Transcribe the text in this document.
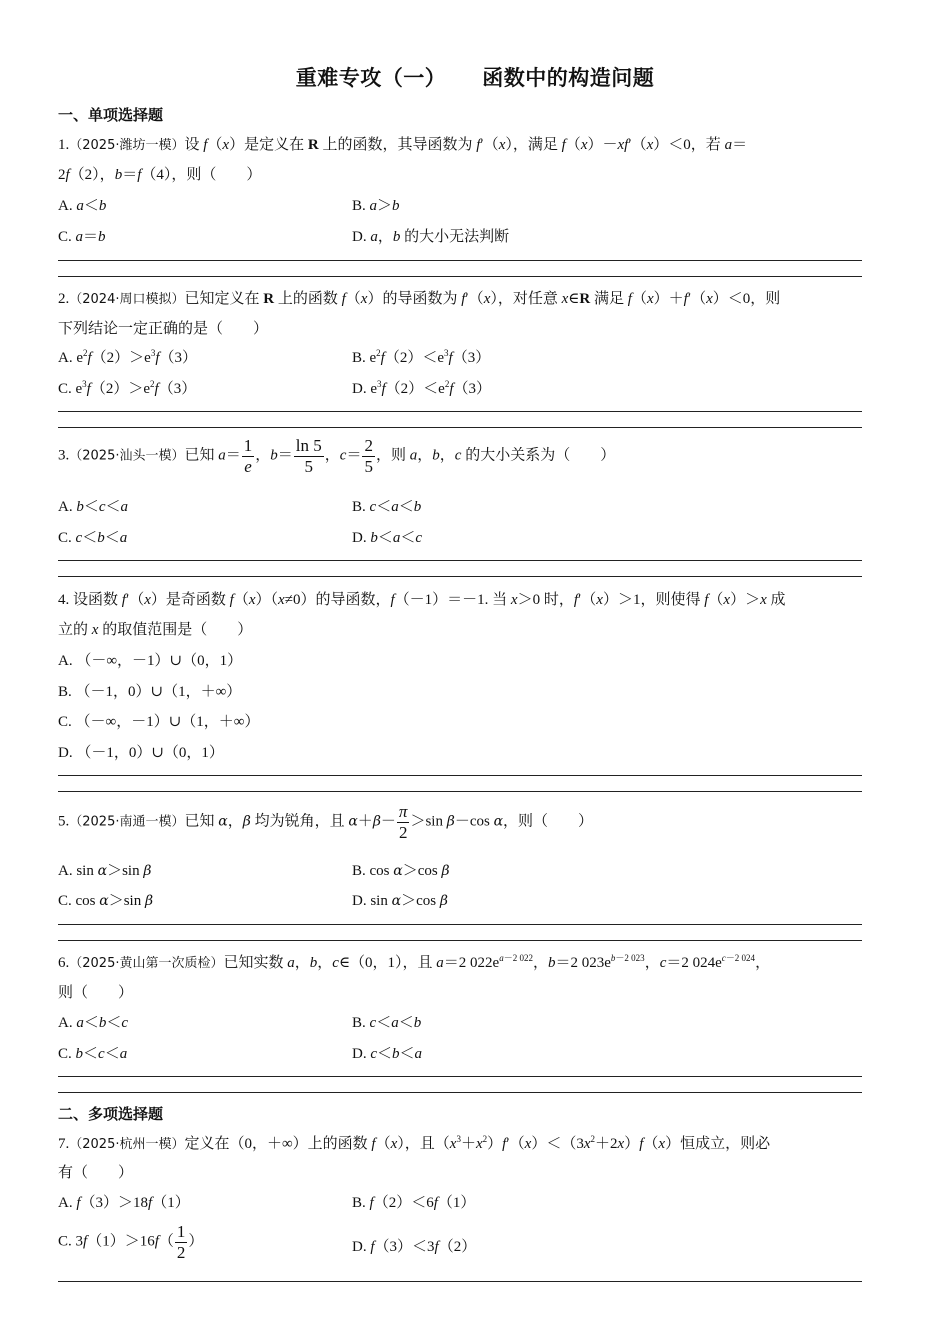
重难专攻（一） 函数中的构造问题
一、单项选择题
1.（2025·潍坊一模）设 f（x）是定义在 R 上的函数，其导函数为 f′（x），满足 f（x）－xf′（x）＜0，若 a＝
2f（2），b＝f（4），则（　　）
A. a＜b	B. a＞b
C. a＝b	D. a，b 的大小无法判断
2.（2024·周口模拟）已知定义在 R 上的函数 f（x）的导函数为 f′（x），对任意 x∈R 满足 f（x）＋f′（x）＜0，则
下列结论一定正确的是（　　）
A. $e^2f(2)>e^3f(3)$	B. $e^2f(2)<e^3f(3)$
C. $e^3f(2)>e^2f(3)$	D. $e^3f(2)<e^2f(3)$
3.（2025·汕头一模）已知 $a= \frac{1}{e}$ ，$b= \frac{\ln 5}{5}$ ，$c= \frac{2}{5}$ ，则 a，b，c 的大小关系为（　　）
A. b＜c＜a	B. c＜a＜b
C. c＜b＜a	D. b＜a＜c
4. 设函数 f′（x）是奇函数 f（x）（x≠0）的导函数，f（－1）＝－1. 当 x＞0 时，f′（x）＞1，则使得 f（x）＞x 成
立的 x 的取值范围是（　　）
A. （－∞，－1）∪（0，1）
B. （－1，0）∪（1，＋∞）
C. （－∞，－1）∪（1，＋∞）
D. （－1，0）∪（0，1）
5.（2025·南通一模）已知 α，β 均为锐角，且 $\alpha+\beta- \frac{\pi}{2} >\sin$ β－cos α，则（　　）
A. sin α＞sin β	B. cos α＞cos β
C. cos α＞sin β	D. sin α＞cos β
6.（2025·黄山第一次质检）已知实数 a，b，c∈（0，1），且 a＝2 $022e^{a-2 022}$，b＝2 $023e^{b-2 023}$，c＝2 $024e^{c-2 024}$，
则（　　）
A. a＜b＜c	B. c＜a＜b
C. b＜c＜a	D. c＜b＜a
二、多项选择题
7.（2025·杭州一模）定义在（0，＋∞）上的函数 f（x），且$(x^3+x^2)f'(x)<(3x^2+2x)f(x)$恒成立，则必
有（　　）
A. f（3）＞18f（1）	B. f（2）＜6f（1）
C. $3f(1)>16f( \frac{1}{2}$ ）	D. f（3）＜3f（2）
